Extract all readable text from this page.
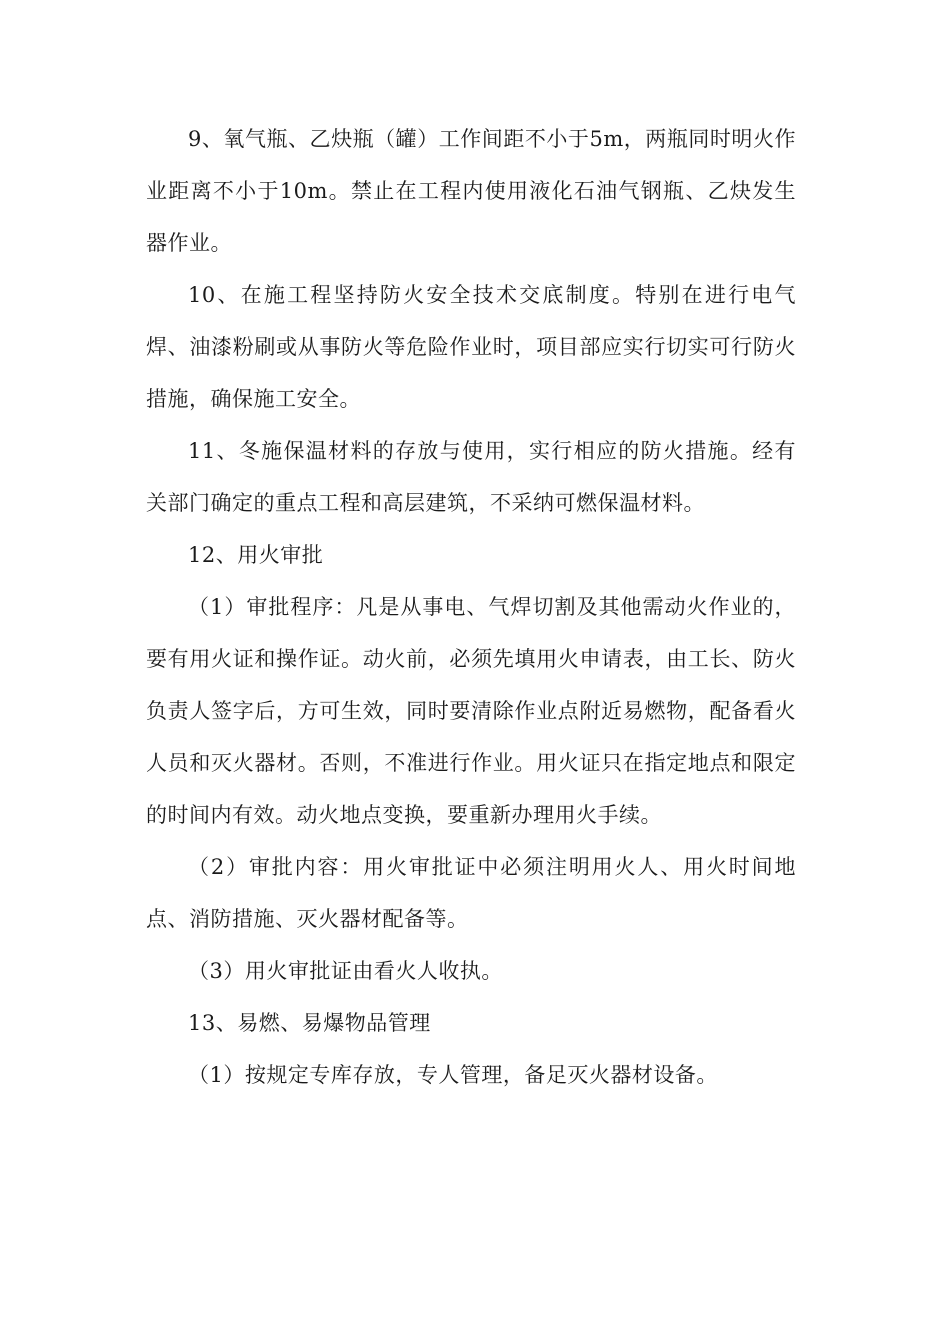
9、氧气瓶、乙炔瓶（罐）工作间距不小于5m，两瓶同时明火作业距离不小于10m。禁止在工程内使用液化石油气钢瓶、乙炔发生器作业。

10、在施工程坚持防火安全技术交底制度。特别在进行电气焊、油漆粉刷或从事防火等危险作业时，项目部应实行切实可行防火措施，确保施工安全。

11、冬施保温材料的存放与使用，实行相应的防火措施。经有关部门确定的重点工程和高层建筑，不采纳可燃保温材料。

12、用火审批

（1）审批程序：凡是从事电、气焊切割及其他需动火作业的，要有用火证和操作证。动火前，必须先填用火申请表，由工长、防火负责人签字后，方可生效，同时要清除作业点附近易燃物，配备看火人员和灭火器材。否则，不准进行作业。用火证只在指定地点和限定的时间内有效。动火地点变换，要重新办理用火手续。

（2）审批内容：用火审批证中必须注明用火人、用火时间地点、消防措施、灭火器材配备等。

（3）用火审批证由看火人收执。

13、易燃、易爆物品管理

（1）按规定专库存放，专人管理，备足灭火器材设备。
